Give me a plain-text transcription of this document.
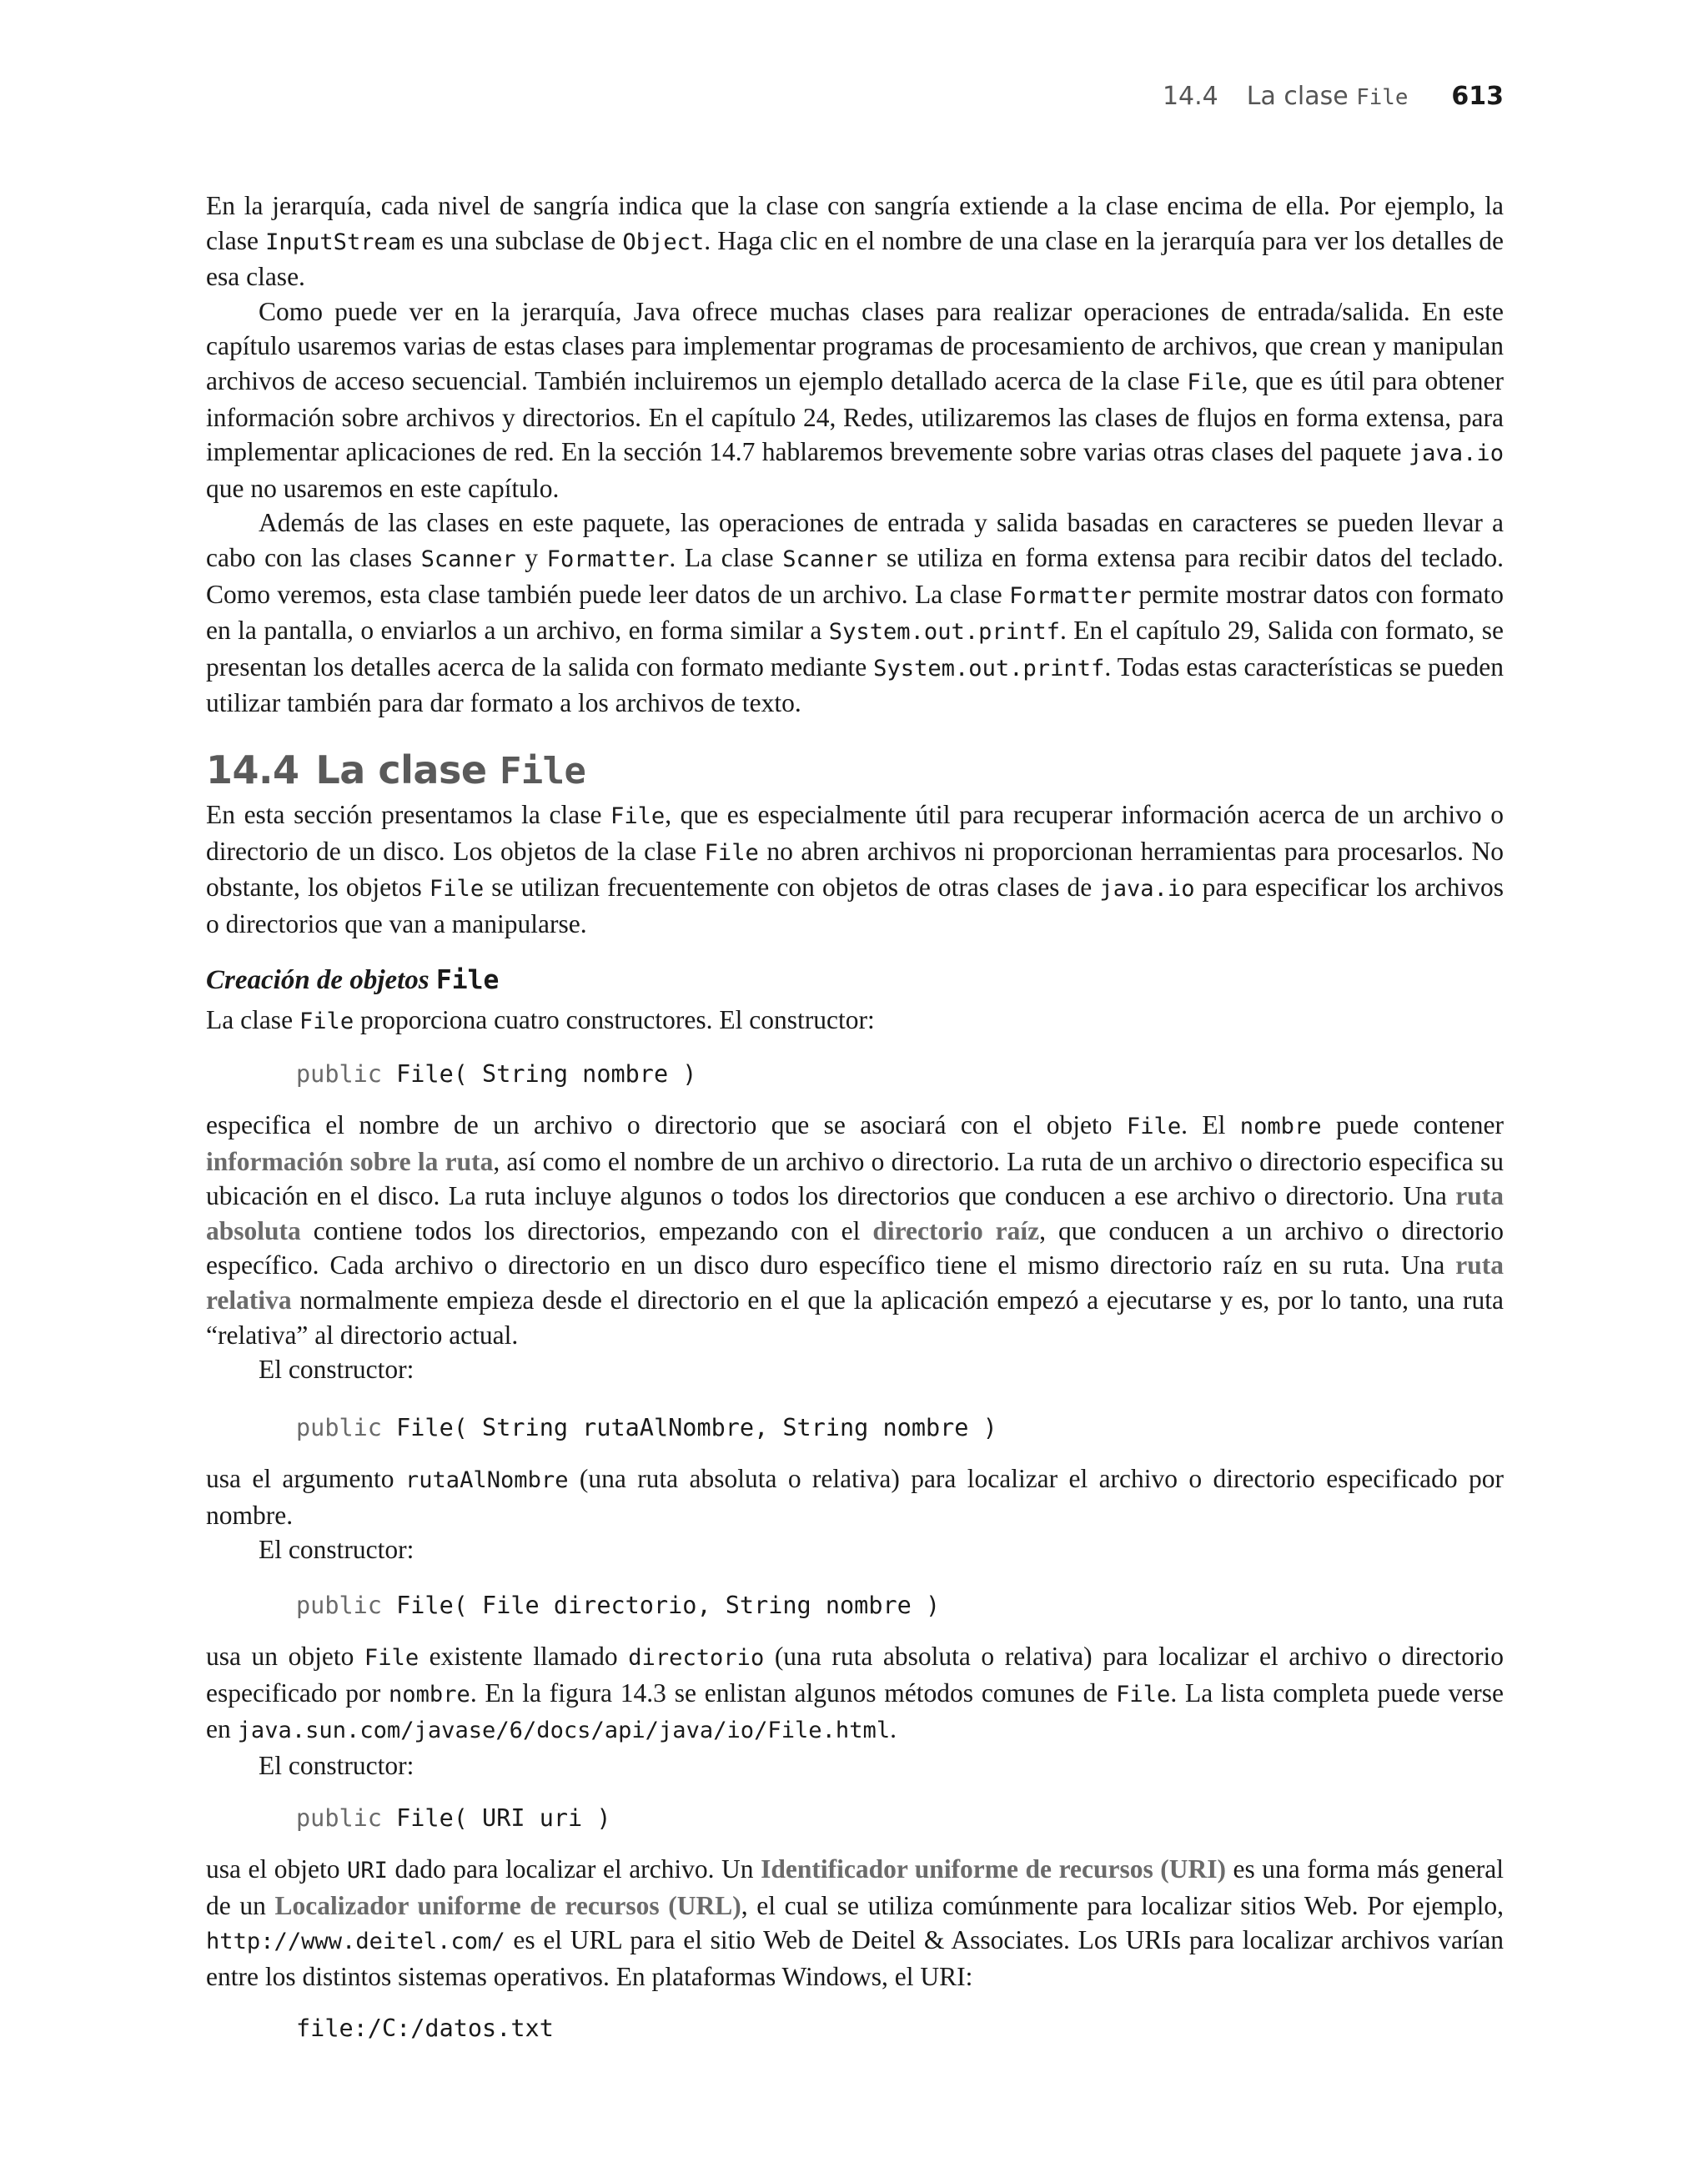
14.4 La clase File 613

En la jerarquía, cada nivel de sangría indica que la clase con sangría extiende a la clase encima de ella. Por ejemplo, la clase InputStream es una subclase de Object. Haga clic en el nombre de una clase en la jerarquía para ver los detalles de esa clase.

Como puede ver en la jerarquía, Java ofrece muchas clases para realizar operaciones de entrada/salida. En este capítulo usaremos varias de estas clases para implementar programas de procesamiento de archivos, que crean y manipulan archivos de acceso secuencial. También incluiremos un ejemplo detallado acerca de la clase File, que es útil para obtener información sobre archivos y directorios. En el capítulo 24, Redes, utilizaremos las clases de flujos en forma extensa, para implementar aplicaciones de red. En la sección 14.7 hablaremos brevemente sobre varias otras clases del paquete java.io que no usaremos en este capítulo.

Además de las clases en este paquete, las operaciones de entrada y salida basadas en caracteres se pueden llevar a cabo con las clases Scanner y Formatter. La clase Scanner se utiliza en forma extensa para recibir datos del teclado. Como veremos, esta clase también puede leer datos de un archivo. La clase Formatter permite mostrar datos con formato en la pantalla, o enviarlos a un archivo, en forma similar a System.out.printf. En el capítulo 29, Salida con formato, se presentan los detalles acerca de la salida con formato mediante System.out.printf. Todas estas características se pueden utilizar también para dar formato a los archivos de texto.

14.4 La clase File

En esta sección presentamos la clase File, que es especialmente útil para recuperar información acerca de un archivo o directorio de un disco. Los objetos de la clase File no abren archivos ni proporcionan herramientas para procesarlos. No obstante, los objetos File se utilizan frecuentemente con objetos de otras clases de java.io para especificar los archivos o directorios que van a manipularse.

Creación de objetos File

La clase File proporciona cuatro constructores. El constructor:

public File( String nombre )

especifica el nombre de un archivo o directorio que se asociará con el objeto File. El nombre puede contener información sobre la ruta, así como el nombre de un archivo o directorio. La ruta de un archivo o directorio especifica su ubicación en el disco. La ruta incluye algunos o todos los directorios que conducen a ese archivo o directorio. Una ruta absoluta contiene todos los directorios, empezando con el directorio raíz, que conducen a un archivo o directorio específico. Cada archivo o directorio en un disco duro específico tiene el mismo directorio raíz en su ruta. Una ruta relativa normalmente empieza desde el directorio en el que la aplicación empezó a ejecutarse y es, por lo tanto, una ruta “relativa” al directorio actual.

El constructor:

public File( String rutaAlNombre, String nombre )

usa el argumento rutaAlNombre (una ruta absoluta o relativa) para localizar el archivo o directorio especificado por nombre.

El constructor:

public File( File directorio, String nombre )

usa un objeto File existente llamado directorio (una ruta absoluta o relativa) para localizar el archivo o directorio especificado por nombre. En la figura 14.3 se enlistan algunos métodos comunes de File. La lista completa puede verse en java.sun.com/javase/6/docs/api/java/io/File.html.

El constructor:

public File( URI uri )

usa el objeto URI dado para localizar el archivo. Un Identificador uniforme de recursos (URI) es una forma más general de un Localizador uniforme de recursos (URL), el cual se utiliza comúnmente para localizar sitios Web. Por ejemplo, http://www.deitel.com/ es el URL para el sitio Web de Deitel & Associates. Los URIs para localizar archivos varían entre los distintos sistemas operativos. En plataformas Windows, el URI:

file:/C:/datos.txt
